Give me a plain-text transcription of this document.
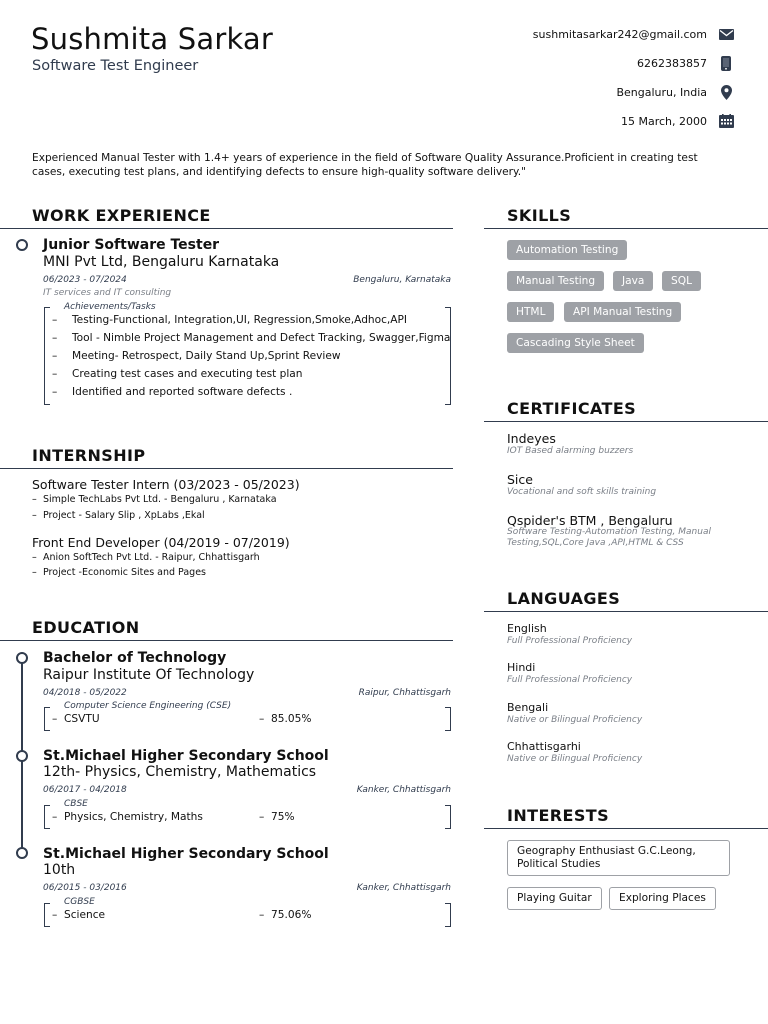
Sushmita Sarkar
Software Test Engineer
sushmitasarkar242@gmail.com
6262383857
Bengaluru, India
15 March, 2000
Experienced Manual Tester with 1.4+ years of experience in the field of Software Quality Assurance.Proficient in creating test cases, executing test plans, and identifying defects to ensure high-quality software delivery."
WORK EXPERIENCE
Junior Software Tester
MNI Pvt Ltd, Bengaluru Karnataka
06/2023 - 07/2024	Bengaluru, Karnataka
IT services and IT consulting
Achievements/Tasks
– Testing-Functional, Integration,UI, Regression,Smoke,Adhoc,API
– Tool - Nimble Project Management and Defect Tracking, Swagger,Figma
– Meeting- Retrospect, Daily Stand Up,Sprint Review
– Creating test cases and executing test plan
– Identified and reported software defects .
INTERNSHIP
Software Tester Intern (03/2023 - 05/2023)
– Simple TechLabs Pvt Ltd. - Bengaluru , Karnataka
– Project - Salary Slip , XpLabs ,Ekal
Front End Developer (04/2019 - 07/2019)
– Anion SoftTech Pvt Ltd. - Raipur, Chhattisgarh
– Project -Economic Sites and Pages
EDUCATION
Bachelor of Technology
Raipur Institute Of Technology
04/2018 - 05/2022	Raipur, Chhattisgarh
Computer Science Engineering (CSE)
– CSVTU	– 85.05%
St.Michael Higher Secondary School
12th- Physics, Chemistry, Mathematics
06/2017 - 04/2018	Kanker, Chhattisgarh
CBSE
– Physics, Chemistry, Maths	– 75%
St.Michael Higher Secondary School
10th
06/2015 - 03/2016	Kanker, Chhattisgarh
CGBSE
– Science	– 75.06%
SKILLS
Automation Testing
Manual Testing	Java	SQL
HTML	API Manual Testing
Cascading Style Sheet
CERTIFICATES
Indeyes
IOT Based alarming buzzers
Sice
Vocational and soft skills training
Qspider's BTM , Bengaluru
Software Testing-Automation Testing, Manual Testing,SQL,Core Java ,API,HTML & CSS
LANGUAGES
English
Full Professional Proficiency
Hindi
Full Professional Proficiency
Bengali
Native or Bilingual Proficiency
Chhattisgarhi
Native or Bilingual Proficiency
INTERESTS
Geography Enthusiast G.C.Leong, Political Studies
Playing Guitar	Exploring Places
